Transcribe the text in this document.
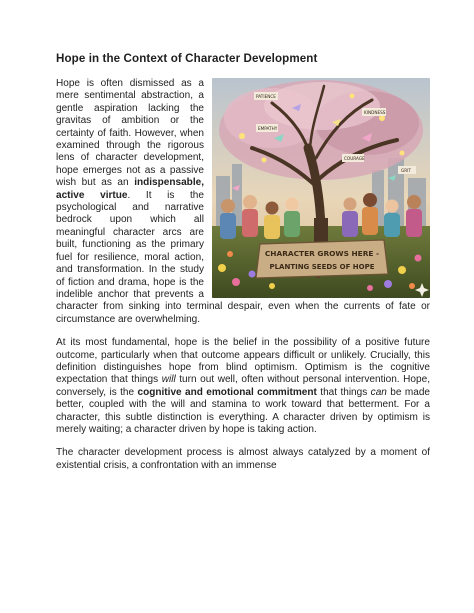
Hope in the Context of Character Development
PATIENCE
EMPATHY
KINDNESS
COURAGE
GRIT
CHARACTER GROWS HERE -
PLANTING SEEDS OF HOPE

Hope is often dismissed as a mere sentimental abstraction, a gentle aspiration lacking the gravitas of ambition or the certainty of faith. However, when examined through the rigorous lens of character development, hope emerges not as a passive wish but as an indispensable, active virtue. It is the psychological and narrative bedrock upon which all meaningful character arcs are built, functioning as the primary fuel for resilience, moral action, and transformation. In the study of fiction and drama, hope is the indelible anchor that prevents a character from sinking into terminal despair, even when the currents of fate or circumstance are overwhelming.

At its most fundamental, hope is the belief in the possibility of a positive future outcome, particularly when that outcome appears difficult or unlikely. Crucially, this definition distinguishes hope from blind optimism. Optimism is the cognitive expectation that things will turn out well, often without personal intervention. Hope, conversely, is the cognitive and emotional commitment that things can be made better, coupled with the will and stamina to work toward that betterment. For a character, this subtle distinction is everything. A character driven by optimism is merely waiting; a character driven by hope is taking action.

The character development process is almost always catalyzed by a moment of existential crisis, a confrontation with an immense
